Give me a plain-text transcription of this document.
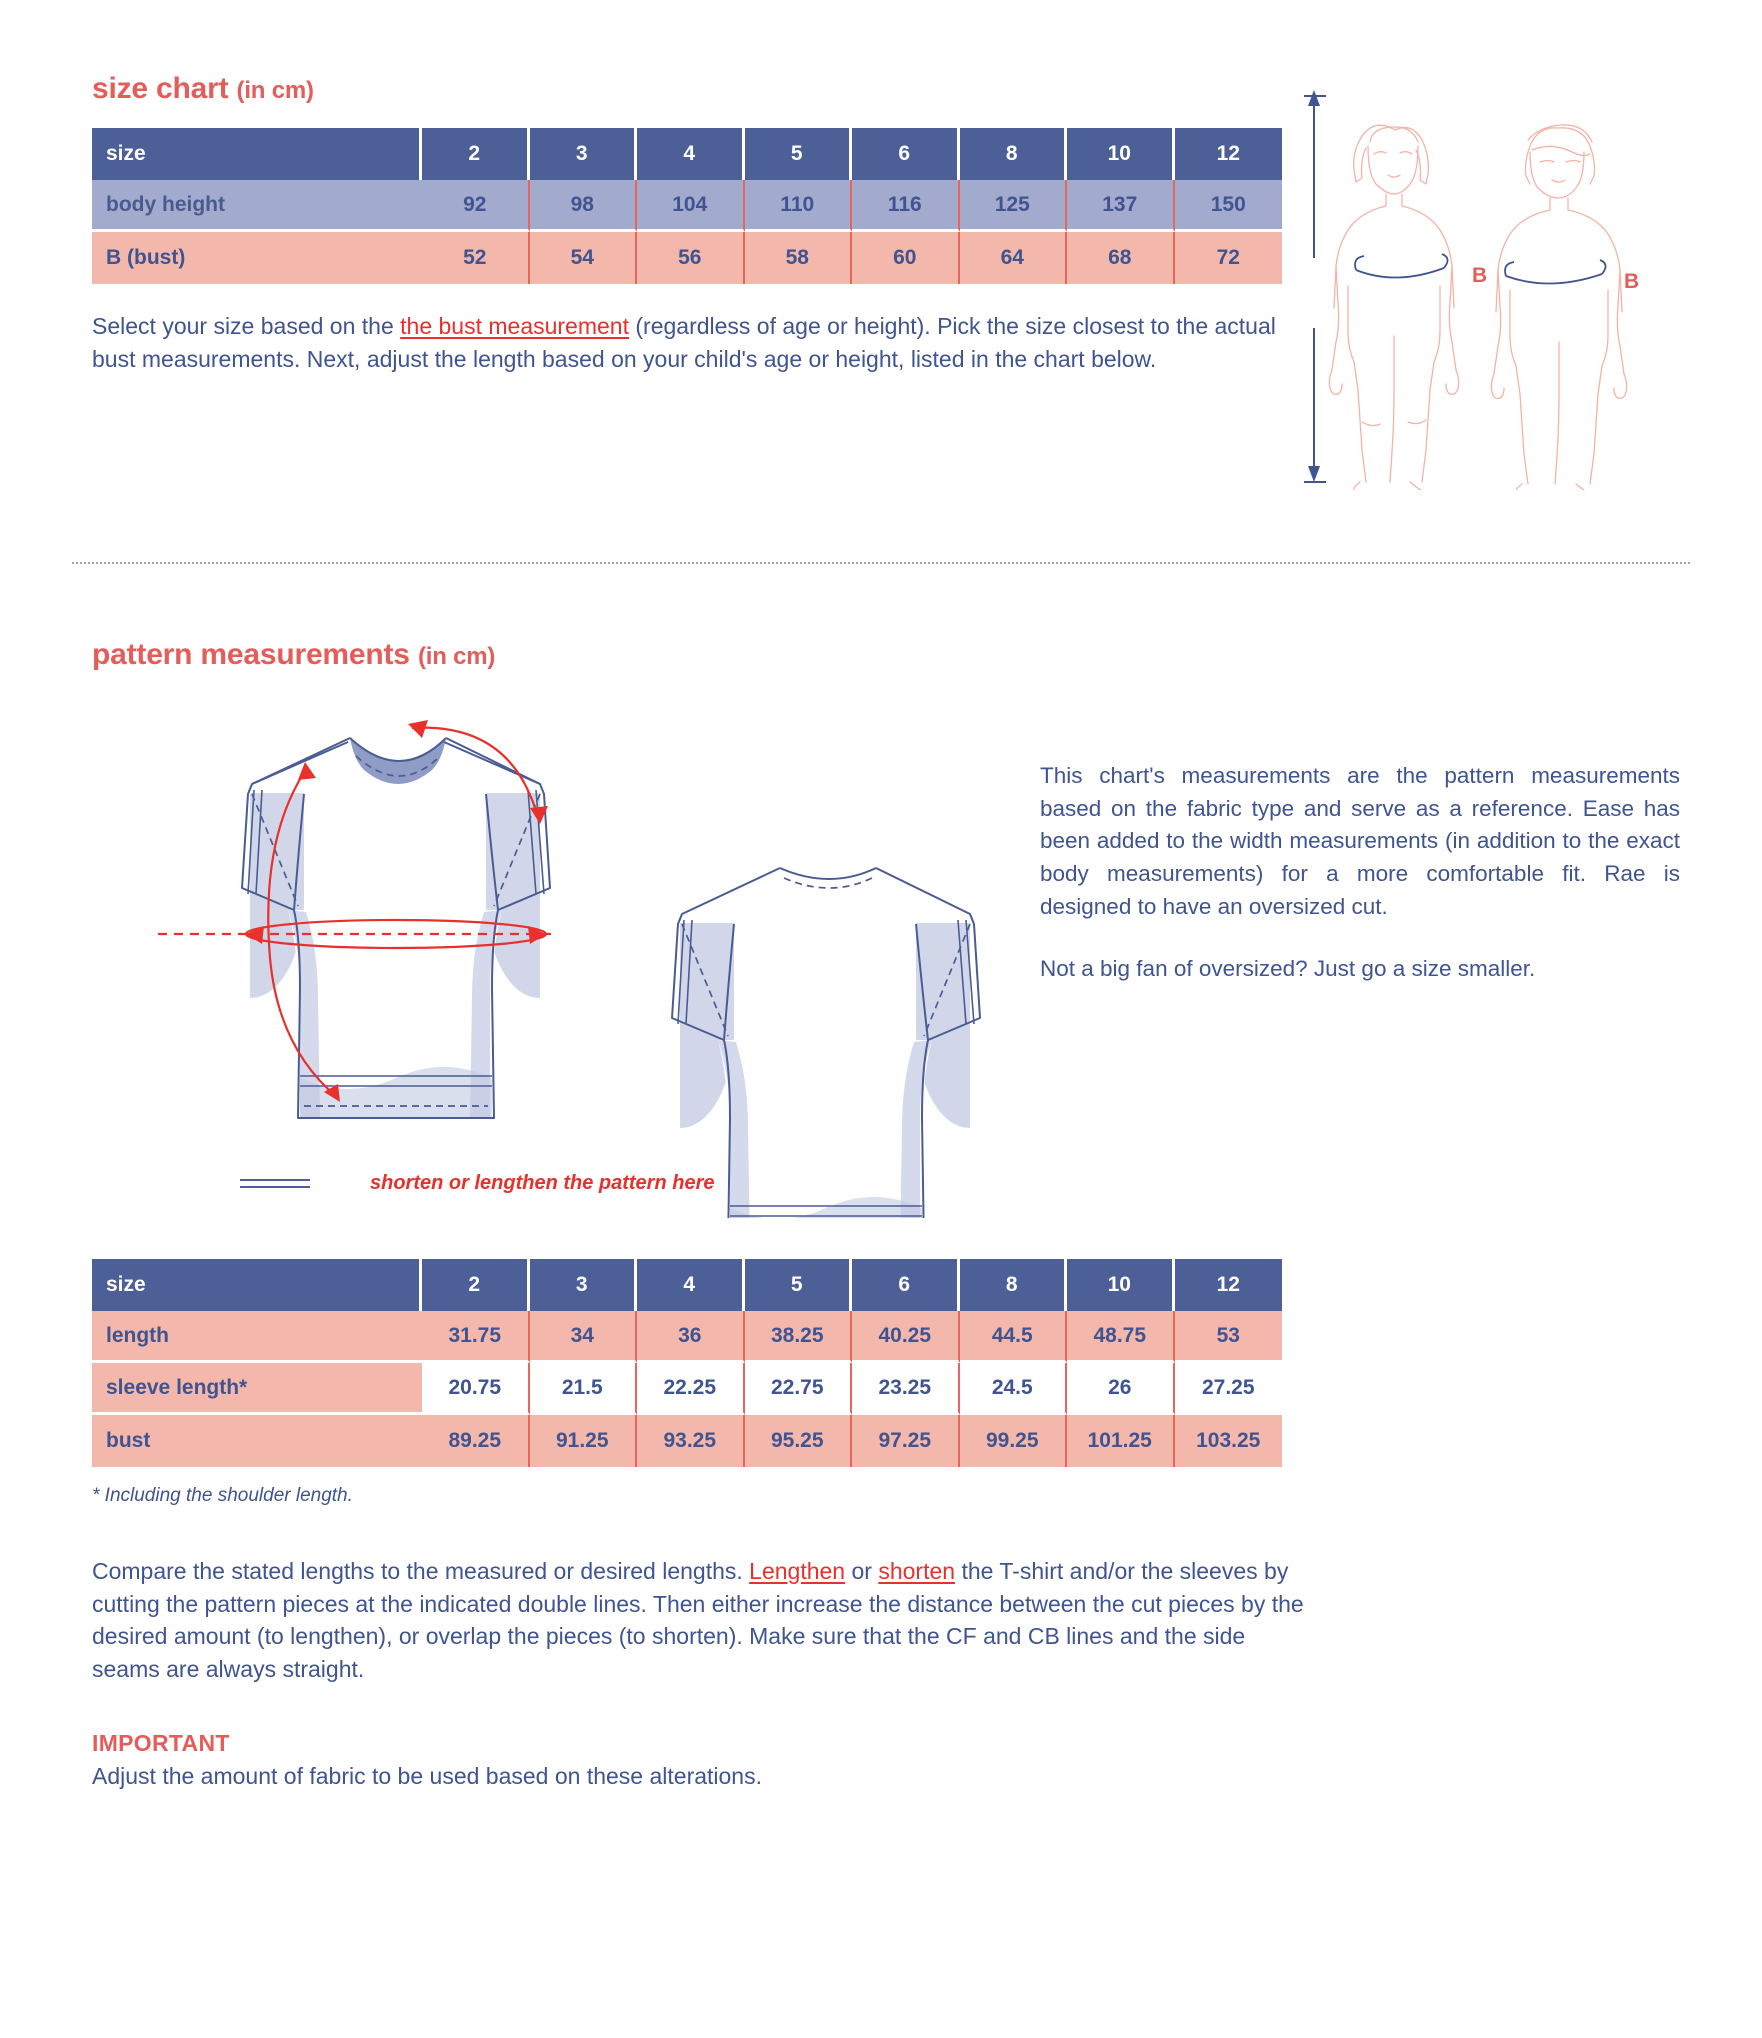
size chart (in cm)
size	2	3	4	5	6	8	10	12
body height	92	98	104	110	116	125	137	150
B (bust)	52	54	56	58	60	64	68	72

Select your size based on the the bust measurement (regardless of age or height). Pick the size closest to the actual bust measurements. Next, adjust the length based on your child's age or height, listed in the chart below.

B	B
pattern measurements (in cm)
shorten or lengthen the pattern here
size	2	3	4	5	6	8	10	12
length	31.75	34	36	38.25	40.25	44.5	48.75	53
sleeve length*	20.75	21.5	22.25	22.75	23.25	24.5	26	27.25
bust	89.25	91.25	93.25	95.25	97.25	99.25	101.25	103.25

* Including the shoulder length.

Compare the stated lengths to the measured or desired lengths. Lengthen or shorten the T-shirt and/or the sleeves by cutting the pattern pieces at the indicated double lines. Then either increase the distance between the cut pieces by the desired amount (to lengthen), or overlap the pieces (to shorten). Make sure that the CF and CB lines and the side seams are always straight.

IMPORTANT
Adjust the amount of fabric to be used based on these alterations.

This chart's measurements are the pattern measurements based on the fabric type and serve as a reference. Ease has been added to the width measurements (in addition to the exact body measurements) for a more comfortable fit. Rae is designed to have an oversized cut.

Not a big fan of oversized? Just go a size smaller.
